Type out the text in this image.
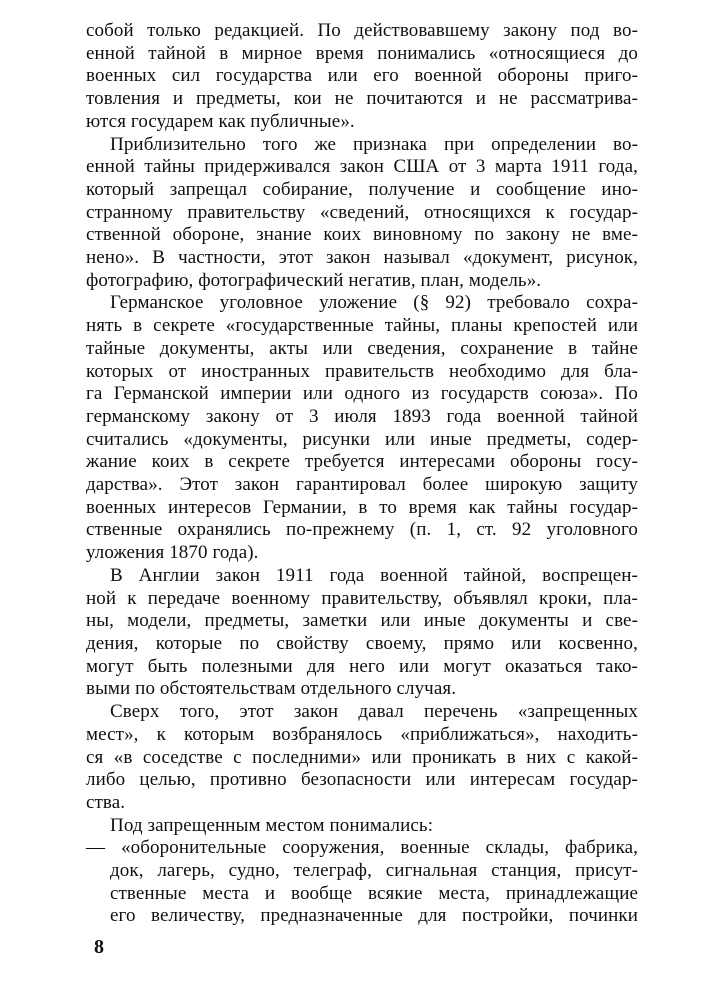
собой только редакцией. По действовавшему закону под во-
енной тайной в мирное время понимались «относящиеся до
военных сил государства или его военной обороны приго-
товления и предметы, кои не почитаются и не рассматрива-
ются государем как публичные».
Приблизительно того же признака при определении во-
енной тайны придерживался закон США от 3 марта 1911 года,
который запрещал собирание, получение и сообщение ино-
странному правительству «сведений, относящихся к государ-
ственной обороне, знание коих виновному по закону не вме-
нено». В частности, этот закон называл «документ, рисунок,
фотографию, фотографический негатив, план, модель».
Германское уголовное уложение (§ 92) требовало сохра-
нять в секрете «государственные тайны, планы крепостей или
тайные документы, акты или сведения, сохранение в тайне
которых от иностранных правительств необходимо для бла-
га Германской империи или одного из государств союза». По
германскому закону от 3 июля 1893 года военной тайной
считались «документы, рисунки или иные предметы, содер-
жание коих в секрете требуется интересами обороны госу-
дарства». Этот закон гарантировал более широкую защиту
военных интересов Германии, в то время как тайны государ-
ственные охранялись по-прежнему (п. 1, ст. 92 уголовного
уложения 1870 года).
В Англии закон 1911 года военной тайной, воспрещен-
ной к передаче военному правительству, объявлял кроки, пла-
ны, модели, предметы, заметки или иные документы и све-
дения, которые по свойству своему, прямо или косвенно,
могут быть полезными для него или могут оказаться тако-
выми по обстоятельствам отдельного случая.
Сверх того, этот закон давал перечень «запрещенных
мест», к которым возбранялось «приближаться», находить-
ся «в соседстве с последними» или проникать в них с какой-
либо целью, противно безопасности или интересам государ-
ства.
Под запрещенным местом понимались:
— «оборонительные сооружения, военные склады, фабрика,
док, лагерь, судно, телеграф, сигнальная станция, присут-
ственные места и вообще всякие места, принадлежащие
его величеству, предназначенные для постройки, починки
8
